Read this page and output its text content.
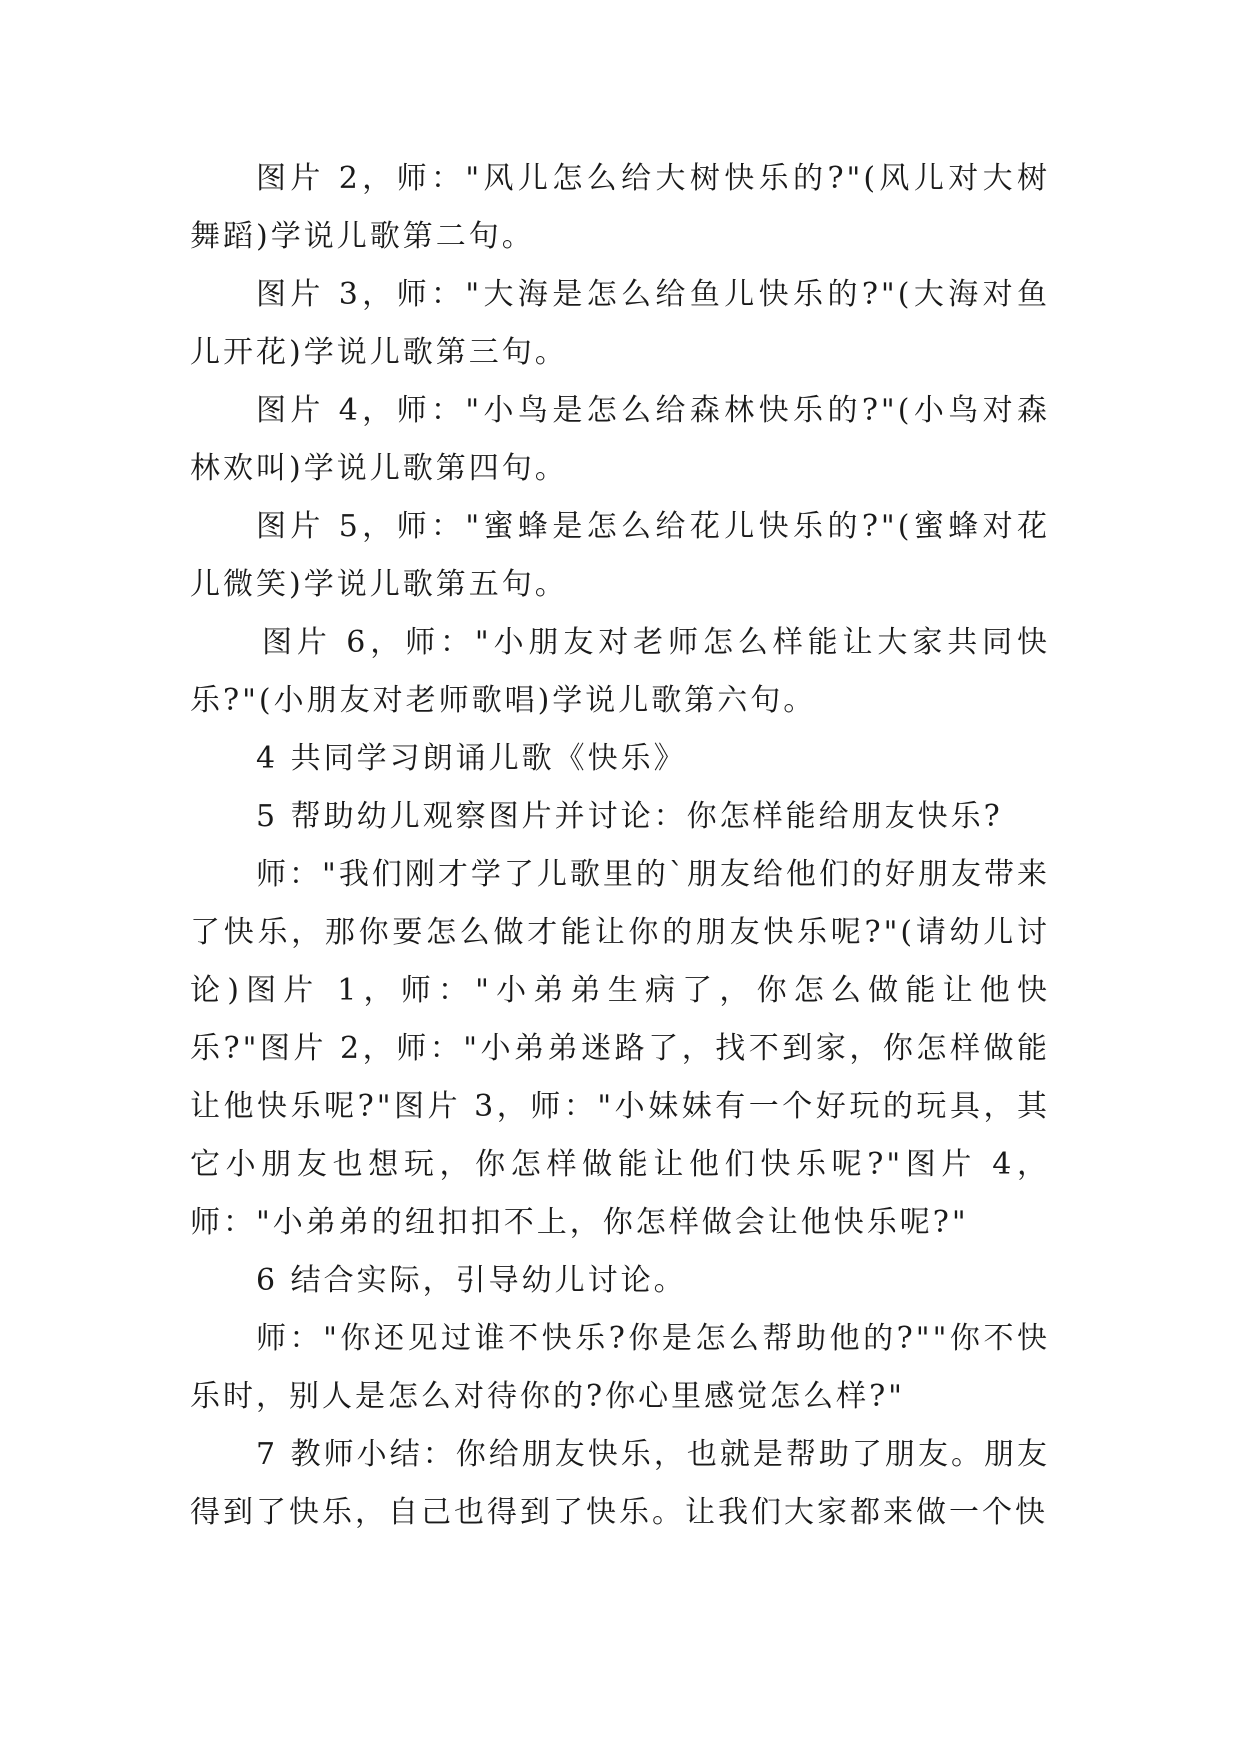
图片 2，师："风儿怎么给大树快乐的?"(风儿对大树舞蹈)学说儿歌第二句。

图片 3，师："大海是怎么给鱼儿快乐的?"(大海对鱼儿开花)学说儿歌第三句。

图片 4，师："小鸟是怎么给森林快乐的?"(小鸟对森林欢叫)学说儿歌第四句。

图片 5，师："蜜蜂是怎么给花儿快乐的?"(蜜蜂对花儿微笑)学说儿歌第五句。

图片 6，师："小朋友对老师怎么样能让大家共同快乐?"(小朋友对老师歌唱)学说儿歌第六句。

4 共同学习朗诵儿歌《快乐》

5 帮助幼儿观察图片并讨论：你怎样能给朋友快乐?

师："我们刚才学了儿歌里的`朋友给他们的好朋友带来了快乐，那你要怎么做才能让你的朋友快乐呢?"(请幼儿讨论)图片 1，师："小弟弟生病了，你怎么做能让他快乐?"图片 2，师："小弟弟迷路了，找不到家，你怎样做能让他快乐呢?"图片 3，师："小妹妹有一个好玩的玩具，其它小朋友也想玩，你怎样做能让他们快乐呢?"图片 4，师："小弟弟的纽扣扣不上，你怎样做会让他快乐呢?"

6 结合实际，引导幼儿讨论。

师："你还见过谁不快乐?你是怎么帮助他的?""你不快乐时，别人是怎么对待你的?你心里感觉怎么样?"

7 教师小结：你给朋友快乐，也就是帮助了朋友。朋友得到了快乐，自己也得到了快乐。让我们大家都来做一个快
